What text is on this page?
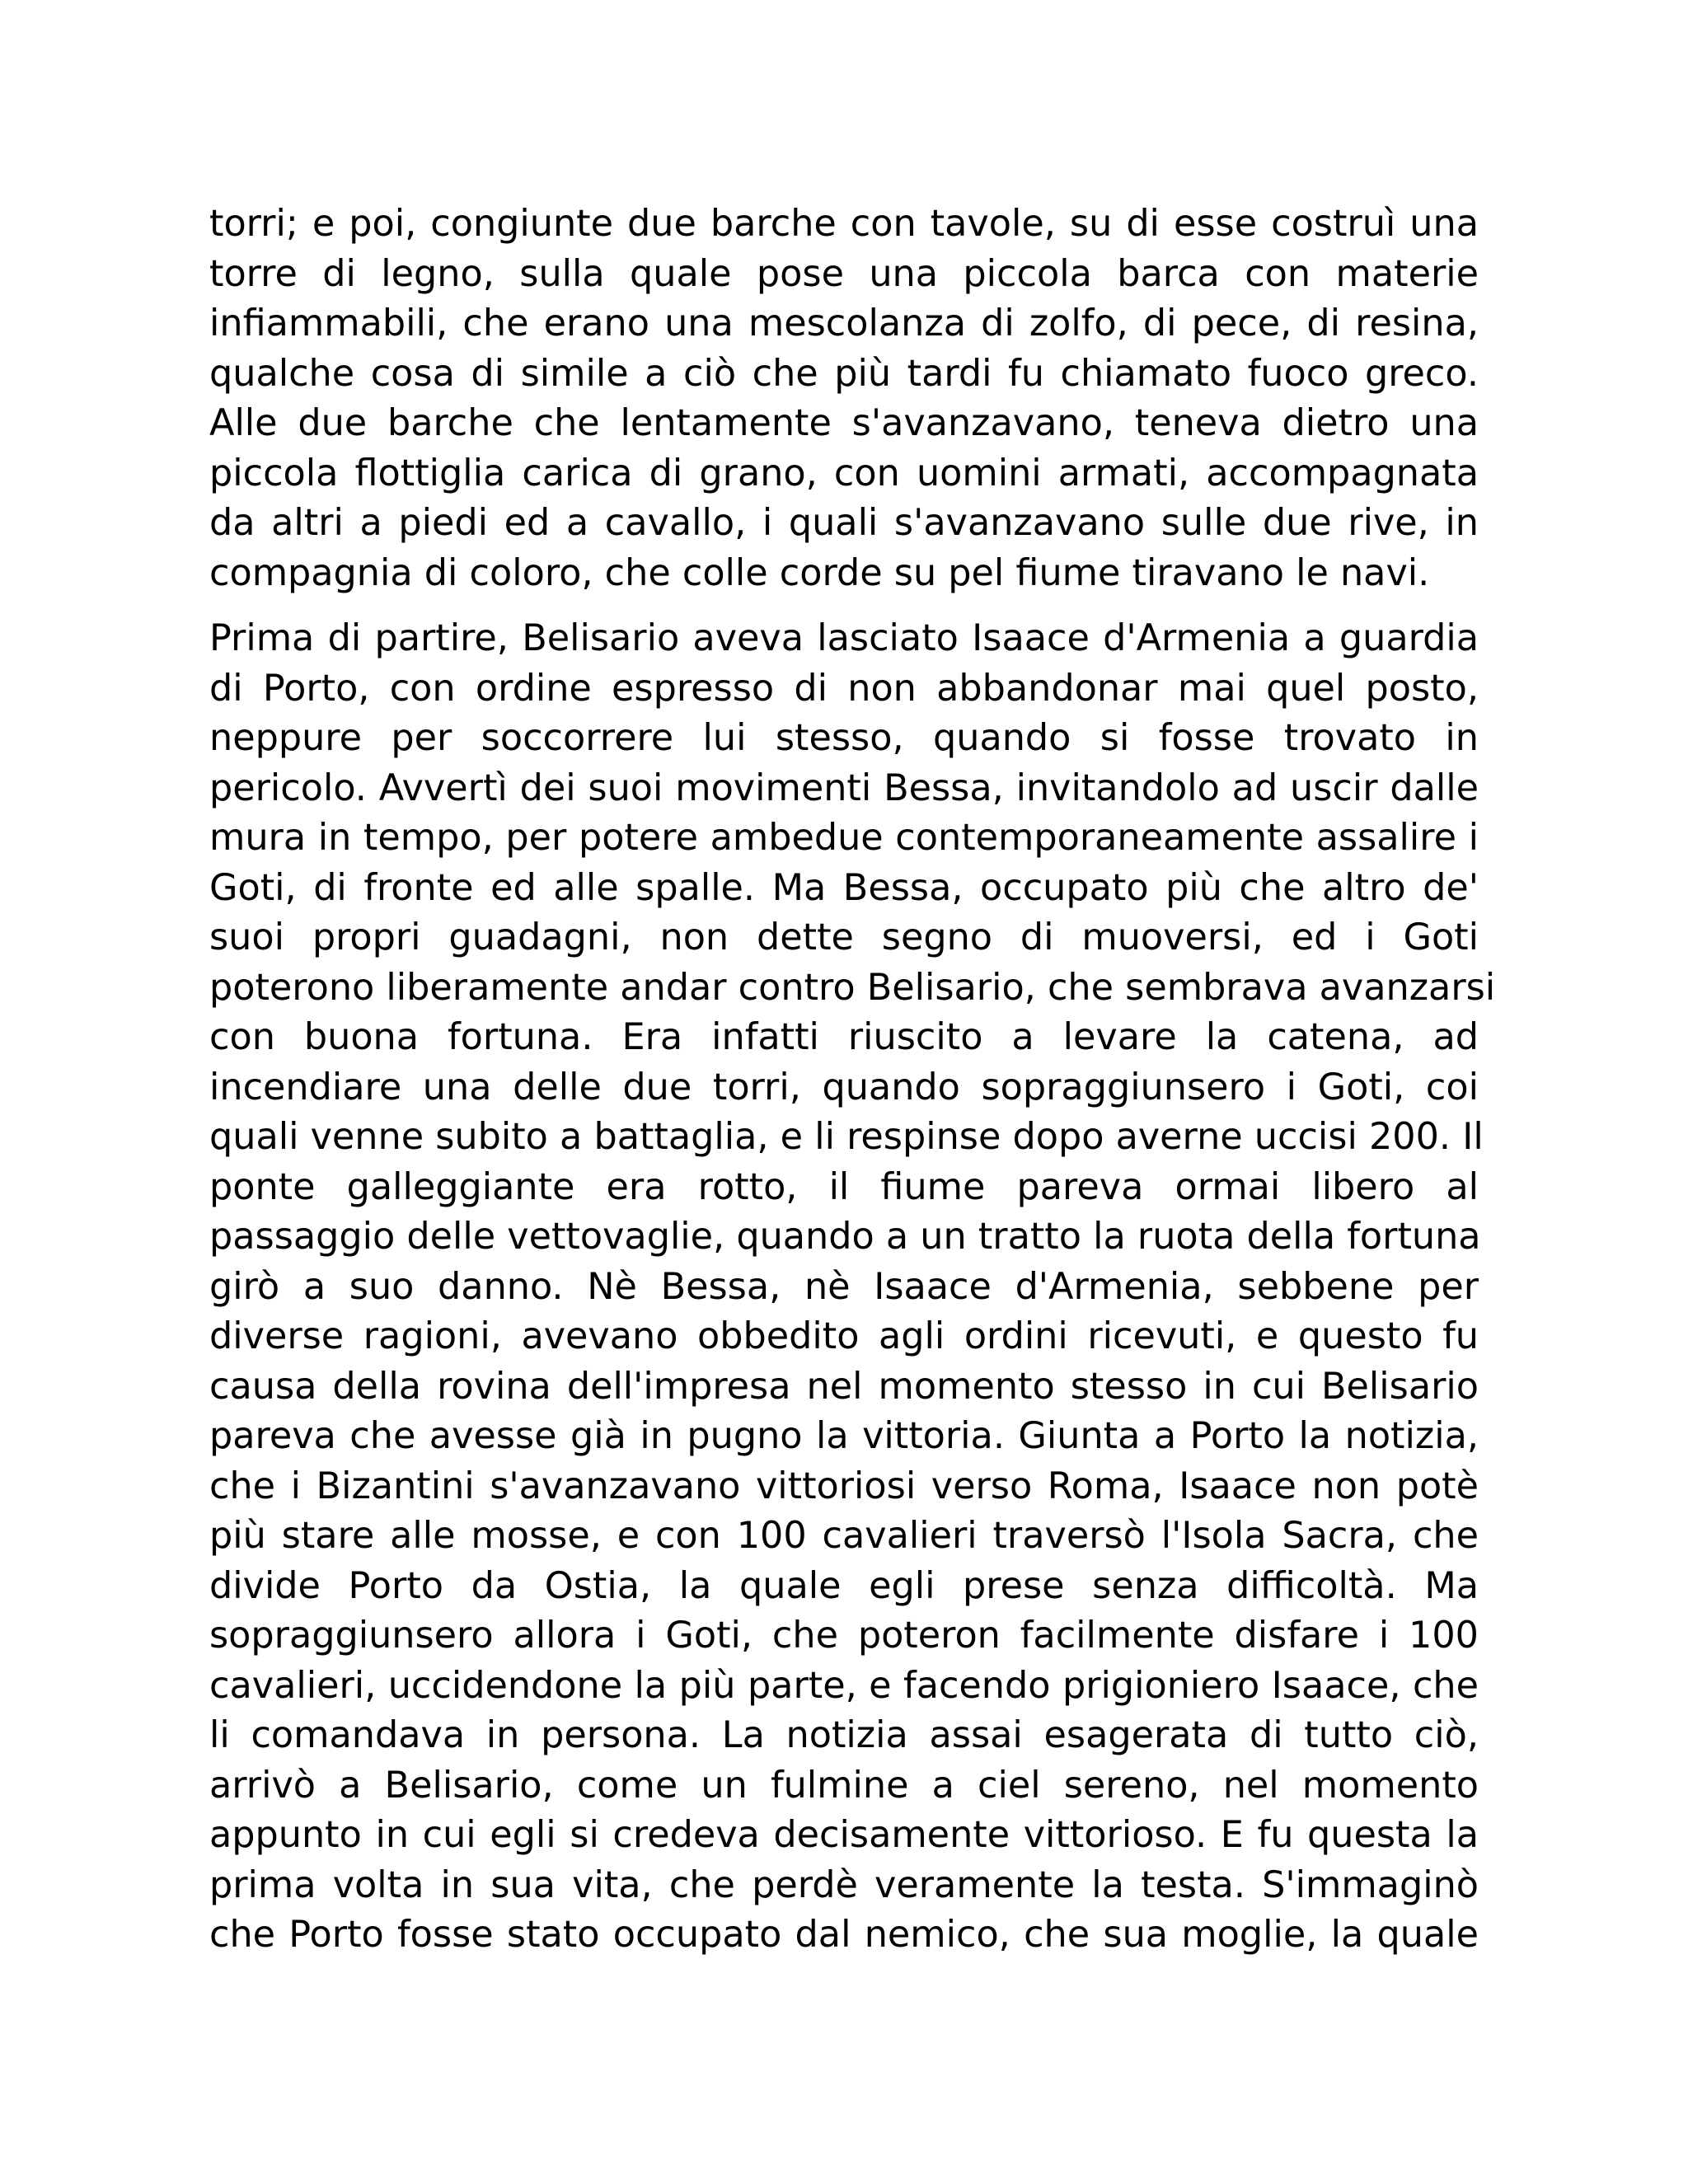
torri; e poi, congiunte due barche con tavole, su di esse costruì una
torre di legno, sulla quale pose una piccola barca con materie
infiammabili, che erano una mescolanza di zolfo, di pece, di resina,
qualche cosa di simile a ciò che più tardi fu chiamato fuoco greco.
Alle due barche che lentamente s'avanzavano, teneva dietro una
piccola flottiglia carica di grano, con uomini armati, accompagnata
da altri a piedi ed a cavallo, i quali s'avanzavano sulle due rive, in
compagnia di coloro, che colle corde su pel fiume tiravano le navi.
Prima di partire, Belisario aveva lasciato Isaace d'Armenia a guardia
di Porto, con ordine espresso di non abbandonar mai quel posto,
neppure per soccorrere lui stesso, quando si fosse trovato in
pericolo. Avvertì dei suoi movimenti Bessa, invitandolo ad uscir dalle
mura in tempo, per potere ambedue contemporaneamente assalire i
Goti, di fronte ed alle spalle. Ma Bessa, occupato più che altro de'
suoi propri guadagni, non dette segno di muoversi, ed i Goti
poterono liberamente andar contro Belisario, che sembrava avanzarsi
con buona fortuna. Era infatti riuscito a levare la catena, ad
incendiare una delle due torri, quando sopraggiunsero i Goti, coi
quali venne subito a battaglia, e li respinse dopo averne uccisi 200. Il
ponte galleggiante era rotto, il fiume pareva ormai libero al
passaggio delle vettovaglie, quando a un tratto la ruota della fortuna
girò a suo danno. Nè Bessa, nè Isaace d'Armenia, sebbene per
diverse ragioni, avevano obbedito agli ordini ricevuti, e questo fu
causa della rovina dell'impresa nel momento stesso in cui Belisario
pareva che avesse già in pugno la vittoria. Giunta a Porto la notizia,
che i Bizantini s'avanzavano vittoriosi verso Roma, Isaace non potè
più stare alle mosse, e con 100 cavalieri traversò l'Isola Sacra, che
divide Porto da Ostia, la quale egli prese senza difficoltà. Ma
sopraggiunsero allora i Goti, che poteron facilmente disfare i 100
cavalieri, uccidendone la più parte, e facendo prigioniero Isaace, che
li comandava in persona. La notizia assai esagerata di tutto ciò,
arrivò a Belisario, come un fulmine a ciel sereno, nel momento
appunto in cui egli si credeva decisamente vittorioso. E fu questa la
prima volta in sua vita, che perdè veramente la testa. S'immaginò
che Porto fosse stato occupato dal nemico, che sua moglie, la quale
